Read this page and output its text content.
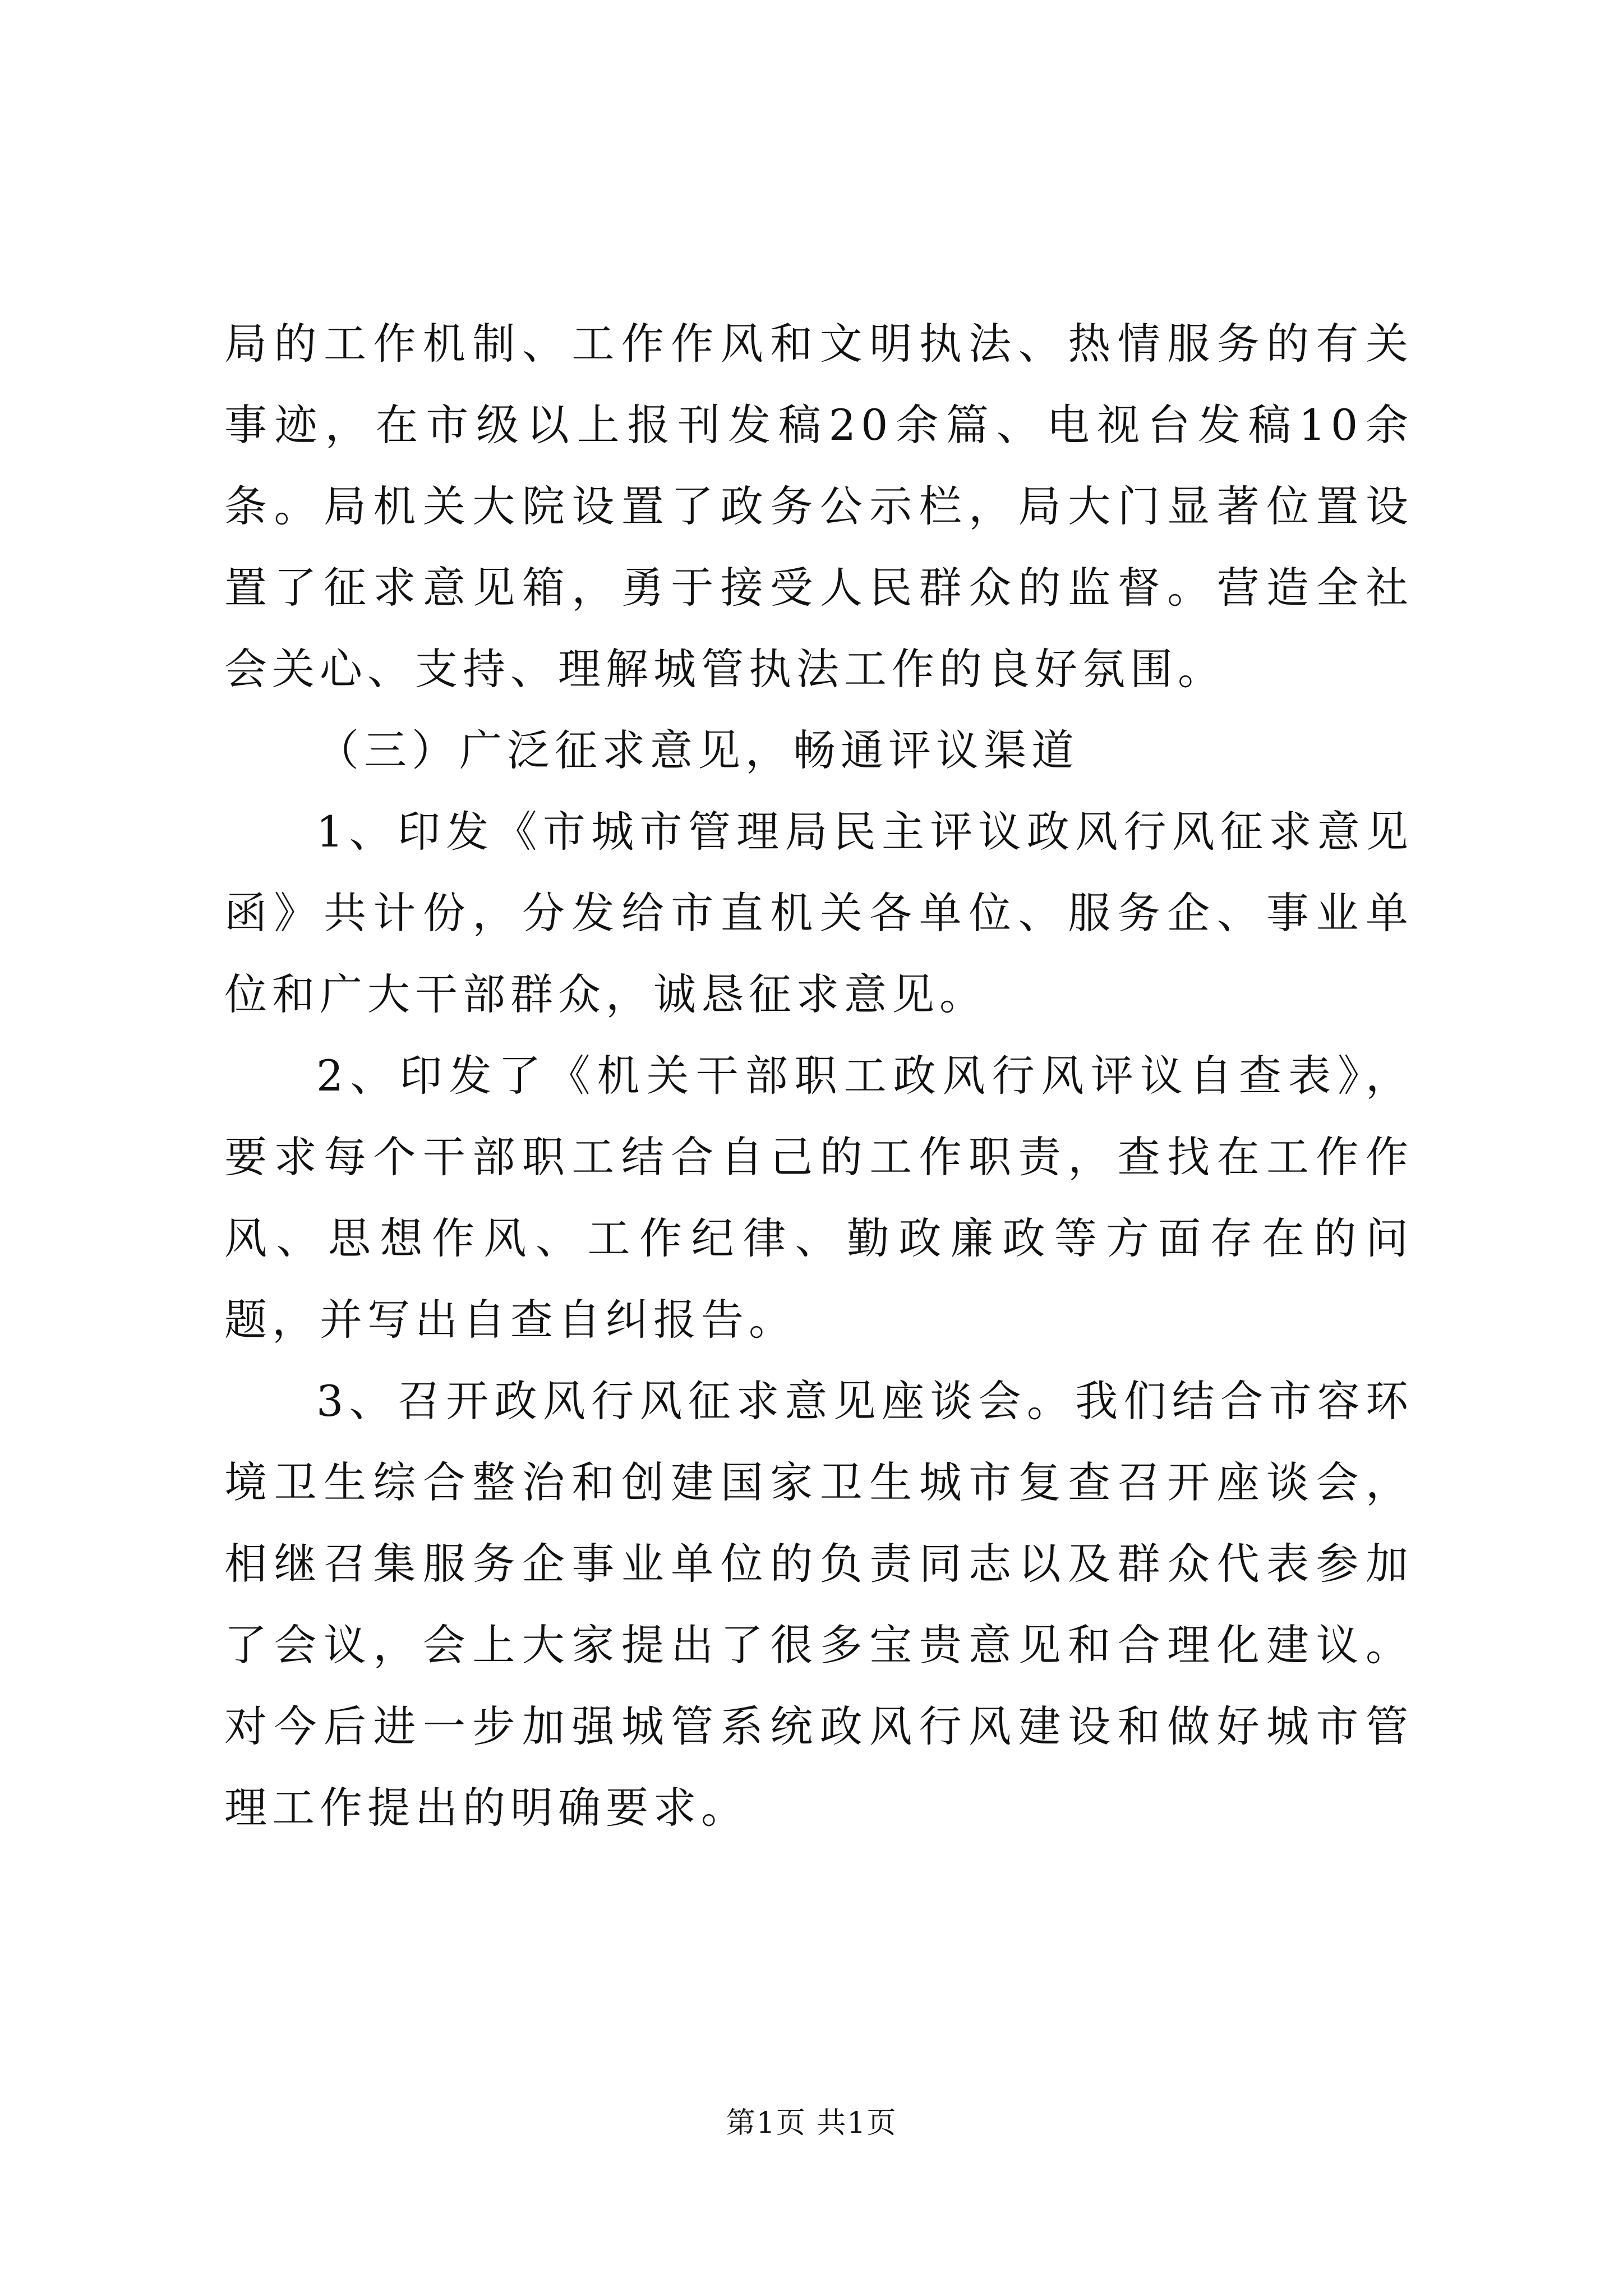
局的工作机制、工作作风和文明执法、热情服务的有关事迹，在市级以上报刊发稿20余篇、电视台发稿10余条。局机关大院设置了政务公示栏，局大门显著位置设置了征求意见箱，勇于接受人民群众的监督。营造全社会关心、支持、理解城管执法工作的良好氛围。

（三）广泛征求意见，畅通评议渠道

1、印发《市城市管理局民主评议政风行风征求意见函》共计份，分发给市直机关各单位、服务企、事业单位和广大干部群众，诚恳征求意见。

2、印发了《机关干部职工政风行风评议自查表》，要求每个干部职工结合自己的工作职责，查找在工作作风、思想作风、工作纪律、勤政廉政等方面存在的问题，并写出自查自纠报告。

3、召开政风行风征求意见座谈会。我们结合市容环境卫生综合整治和创建国家卫生城市复查召开座谈会，相继召集服务企事业单位的负责同志以及群众代表参加了会议，会上大家提出了很多宝贵意见和合理化建议。对今后进一步加强城管系统政风行风建设和做好城市管理工作提出的明确要求。

第1页 共1页
